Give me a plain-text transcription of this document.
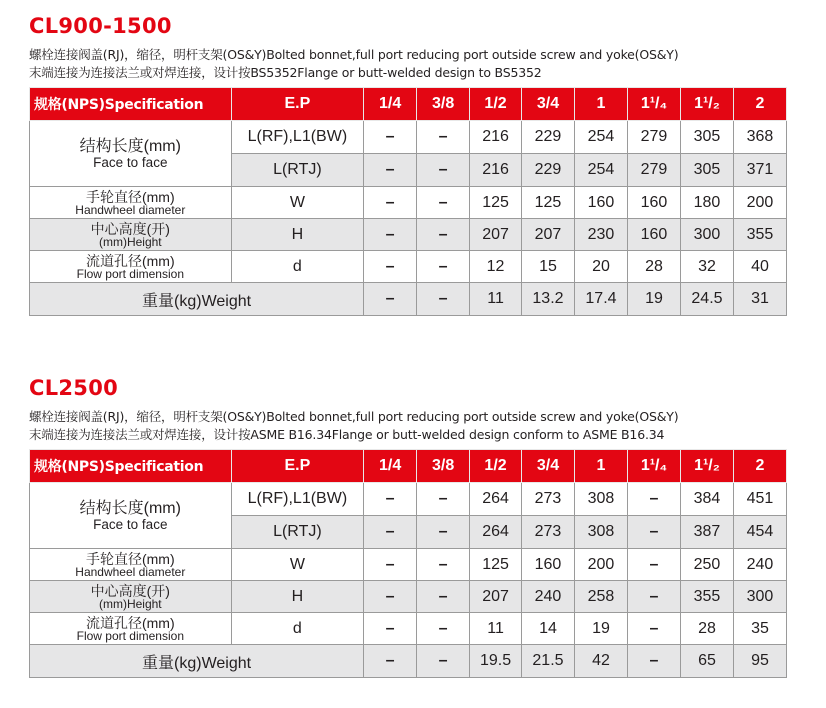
CL900-1500
螺栓连接阀盖(RJ)，缩径，明杆支架(OS&Y)Bolted bonnet,full port reducing port outside screw and yoke(OS&Y)
末端连接为连接法兰或对焊连接，设计按BS5352Flange or butt-welded design to BS5352
规格(NPS)Specification	E.P	1/4	3/8	1/2	3/4	1	1¹/₄	1¹/₂	2

结构长度(mm)
Face to face	L(RF),L1(BW)	–	–	216	229	254	279	305	368
	L(RTJ)	–	–	216	229	254	279	305	371

手轮直径(mm)
Handwheel diameter	W	–	–	125	125	160	160	180	200

中心高度(开)
(mm)Height	H	–	–	207	207	230	160	300	355

流道孔径(mm)
Flow port dimension	d	–	–	12	15	20	28	32	40
重量(kg)Weight		–	–	11	13.2	17.4	19	24.5	31
CL2500
螺栓连接阀盖(RJ)，缩径，明杆支架(OS&Y)Bolted bonnet,full port reducing port outside screw and yoke(OS&Y)
末端连接为连接法兰或对焊连接，设计按ASME B16.34Flange or butt-welded design conform to ASME B16.34
规格(NPS)Specification	E.P	1/4	3/8	1/2	3/4	1	1¹/₄	1¹/₂	2

结构长度(mm)
Face to face	L(RF),L1(BW)	–	–	264	273	308	–	384	451
	L(RTJ)	–	–	264	273	308	–	387	454

手轮直径(mm)
Handwheel diameter	W	–	–	125	160	200	–	250	240

中心高度(开)
(mm)Height	H	–	–	207	240	258	–	355	300

流道孔径(mm)
Flow port dimension	d	–	–	11	14	19	–	28	35
重量(kg)Weight		–	–	19.5	21.5	42	–	65	95
